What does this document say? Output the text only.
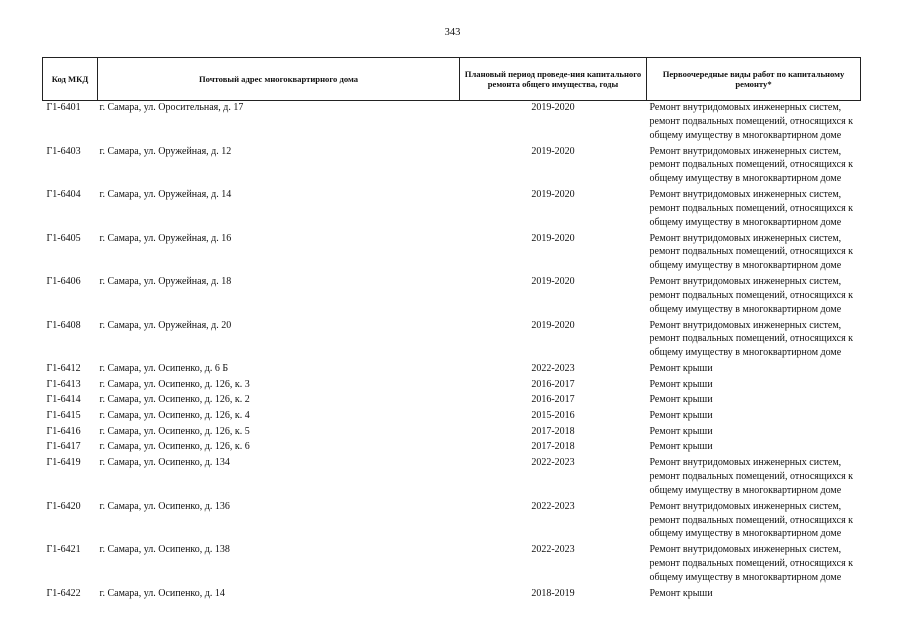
343
Код МКД	Почтовый адрес многоквартирного дома	Плановый период проведе-ния капитального ремонта общего имущества, годы	Первоочередные виды работ по капитальному ремонту*
Г1-6401	г. Самара, ул. Оросительная, д. 17	2019-2020	Ремонт внутридомовых инженерных систем,
ремонт подвальных помещений, относящихся к
общему имуществу в многоквартирном доме

Г1-6403	г. Самара, ул. Оружейная, д. 12	2019-2020	Ремонт внутридомовых инженерных систем,
ремонт подвальных помещений, относящихся к
общему имуществу в многоквартирном доме

Г1-6404	г. Самара, ул. Оружейная, д. 14	2019-2020	Ремонт внутридомовых инженерных систем,
ремонт подвальных помещений, относящихся к
общему имуществу в многоквартирном доме

Г1-6405	г. Самара, ул. Оружейная, д. 16	2019-2020	Ремонт внутридомовых инженерных систем,
ремонт подвальных помещений, относящихся к
общему имуществу в многоквартирном доме

Г1-6406	г. Самара, ул. Оружейная, д. 18	2019-2020	Ремонт внутридомовых инженерных систем,
ремонт подвальных помещений, относящихся к
общему имуществу в многоквартирном доме

Г1-6408	г. Самара, ул. Оружейная, д. 20	2019-2020	Ремонт внутридомовых инженерных систем,
ремонт подвальных помещений, относящихся к
общему имуществу в многоквартирном доме

Г1-6412	г. Самара, ул. Осипенко, д. 6 Б	2022-2023	Ремонт крыши

Г1-6413	г. Самара, ул. Осипенко, д. 126, к. 3	2016-2017	Ремонт крыши

Г1-6414	г. Самара, ул. Осипенко, д. 126, к. 2	2016-2017	Ремонт крыши

Г1-6415	г. Самара, ул. Осипенко, д. 126, к. 4	2015-2016	Ремонт крыши

Г1-6416	г. Самара, ул. Осипенко, д. 126, к. 5	2017-2018	Ремонт крыши

Г1-6417	г. Самара, ул. Осипенко, д. 126, к. 6	2017-2018	Ремонт крыши

Г1-6419	г. Самара, ул. Осипенко, д. 134	2022-2023	Ремонт внутридомовых инженерных систем,
ремонт подвальных помещений, относящихся к
общему имуществу в многоквартирном доме

Г1-6420	г. Самара, ул. Осипенко, д. 136	2022-2023	Ремонт внутридомовых инженерных систем,
ремонт подвальных помещений, относящихся к
общему имуществу в многоквартирном доме

Г1-6421	г. Самара, ул. Осипенко, д. 138	2022-2023	Ремонт внутридомовых инженерных систем,
ремонт подвальных помещений, относящихся к
общему имуществу в многоквартирном доме

Г1-6422	г. Самара, ул. Осипенко, д. 14	2018-2019	Ремонт крыши
